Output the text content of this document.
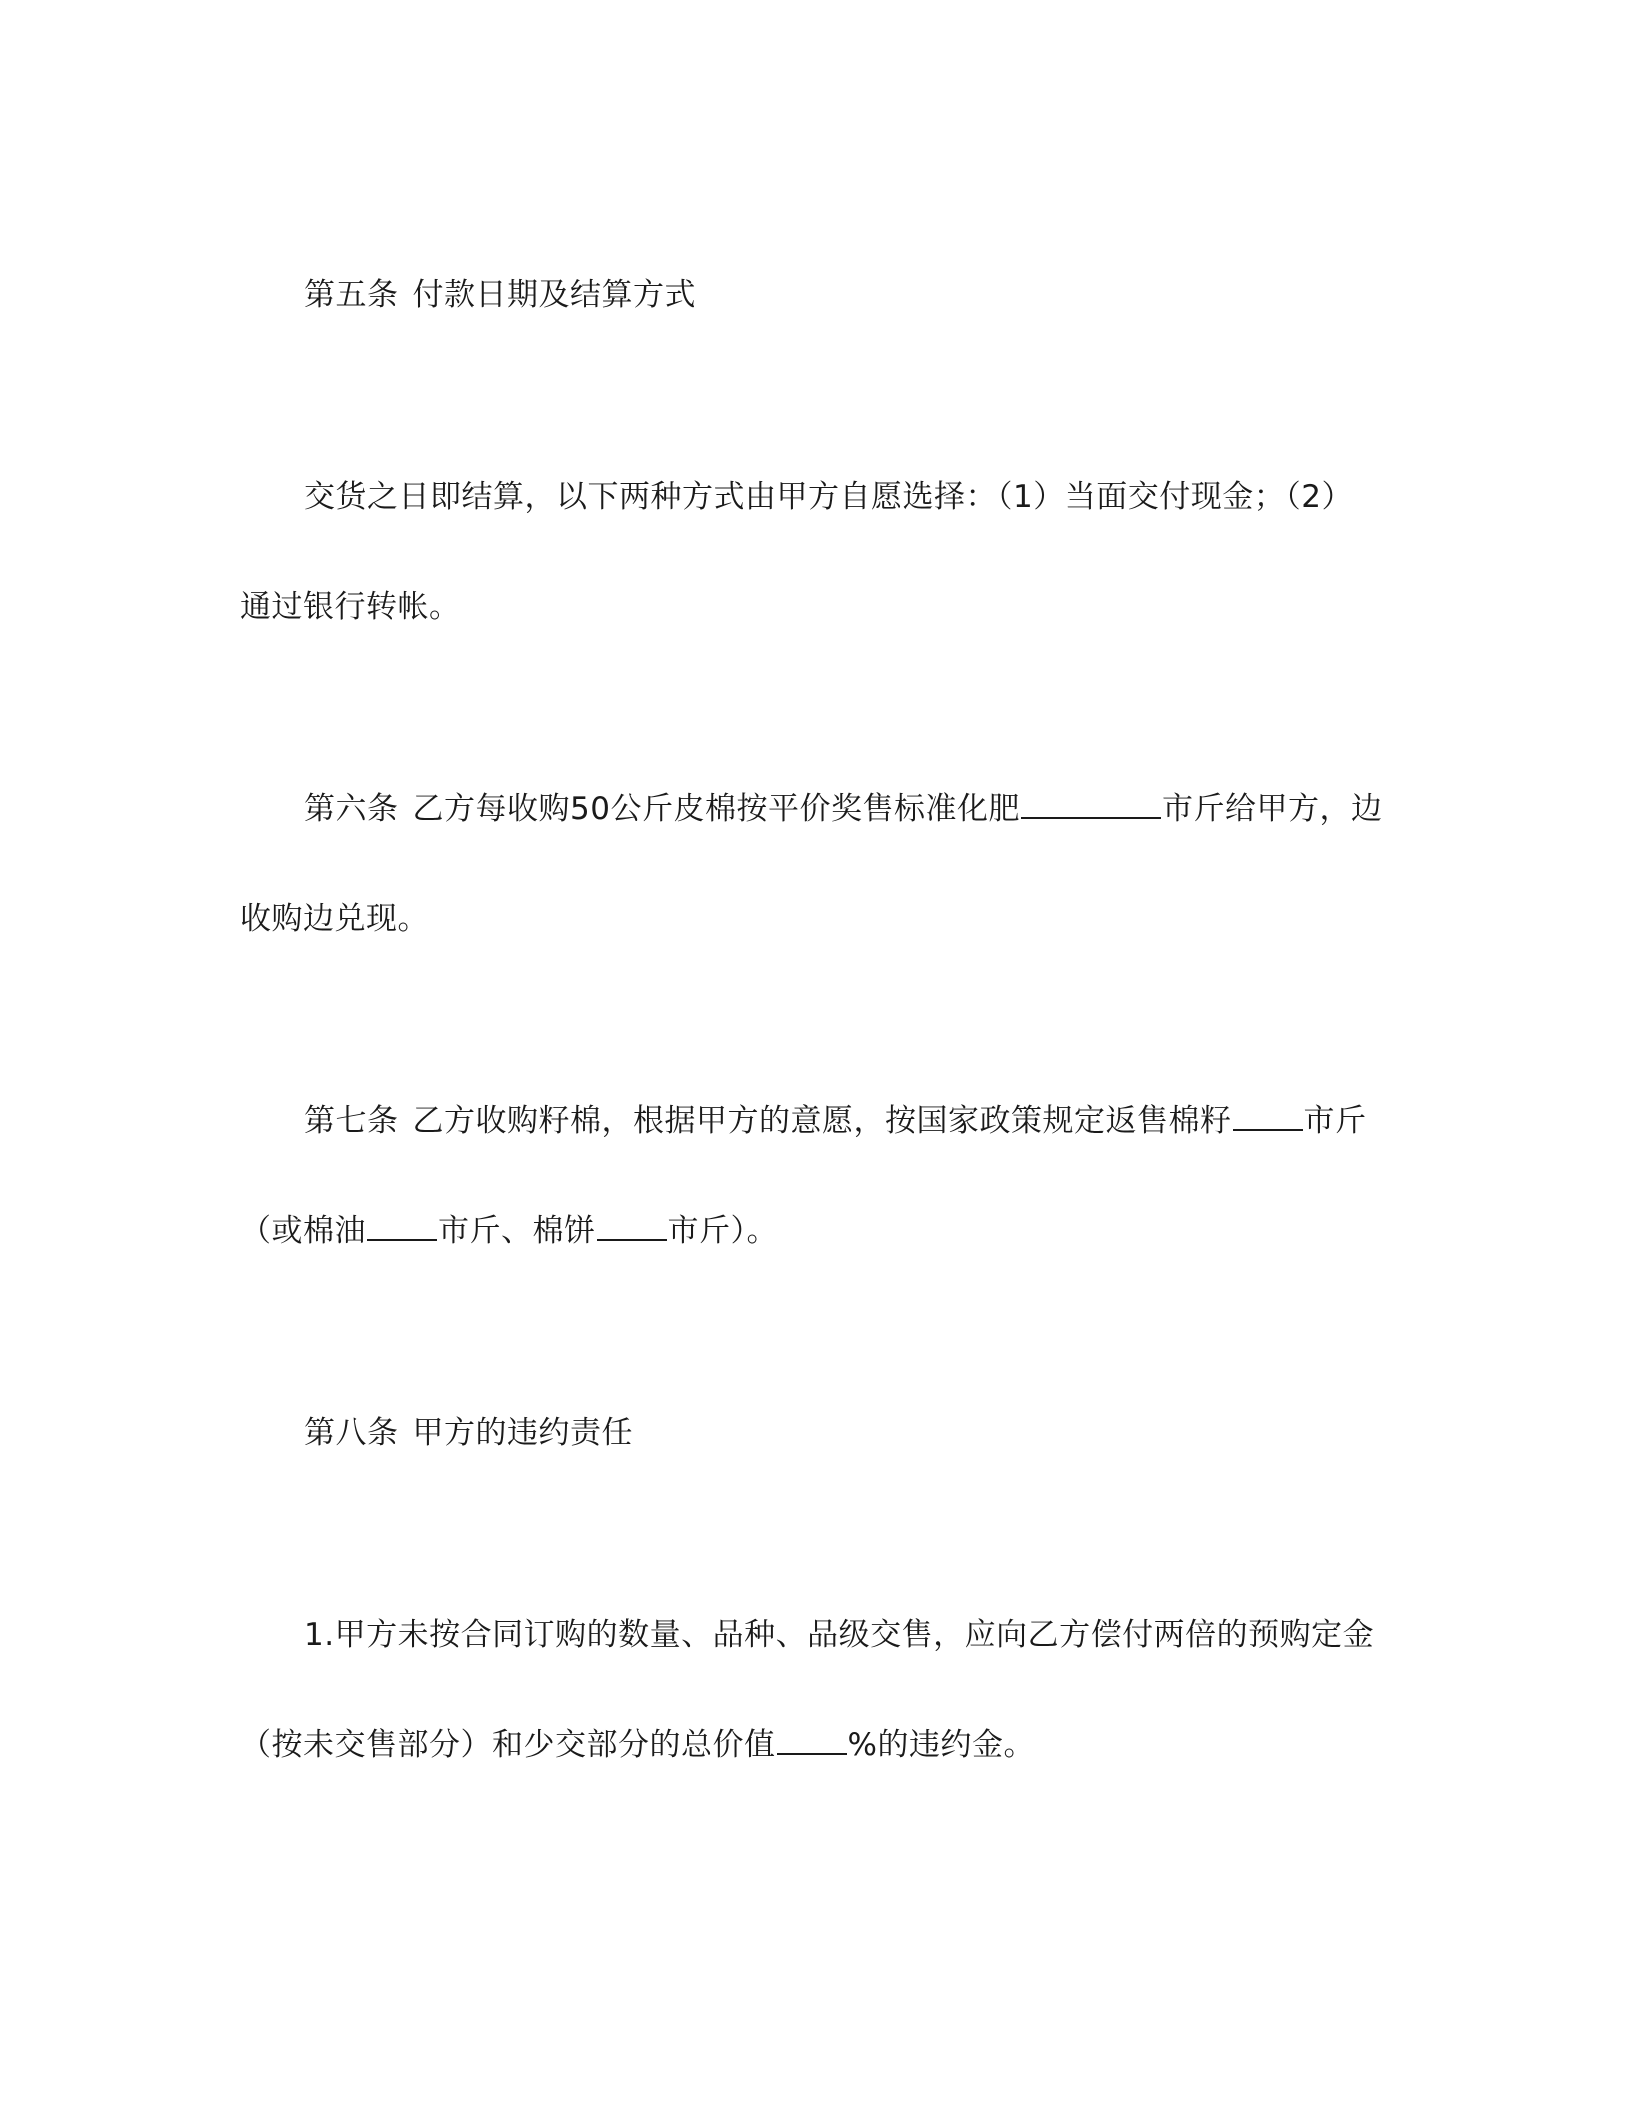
第五条 付款日期及结算方式
交货之日即结算，以下两种方式由甲方自愿选择：（1）当面交付现金；（2）
通过银行转帐。
第六条 乙方每收购50公斤皮棉按平价奖售标准化肥	市斤给甲方，边
收购边兑现。
第七条 乙方收购籽棉，根据甲方的意愿，按国家政策规定返售棉籽 市斤
（或棉油 市斤、棉饼 市斤）。
第八条 甲方的违约责任
1.甲方未按合同订购的数量、品种、品级交售，应向乙方偿付两倍的预购定金
（按未交售部分）和少交部分的总价值 %的违约金。
